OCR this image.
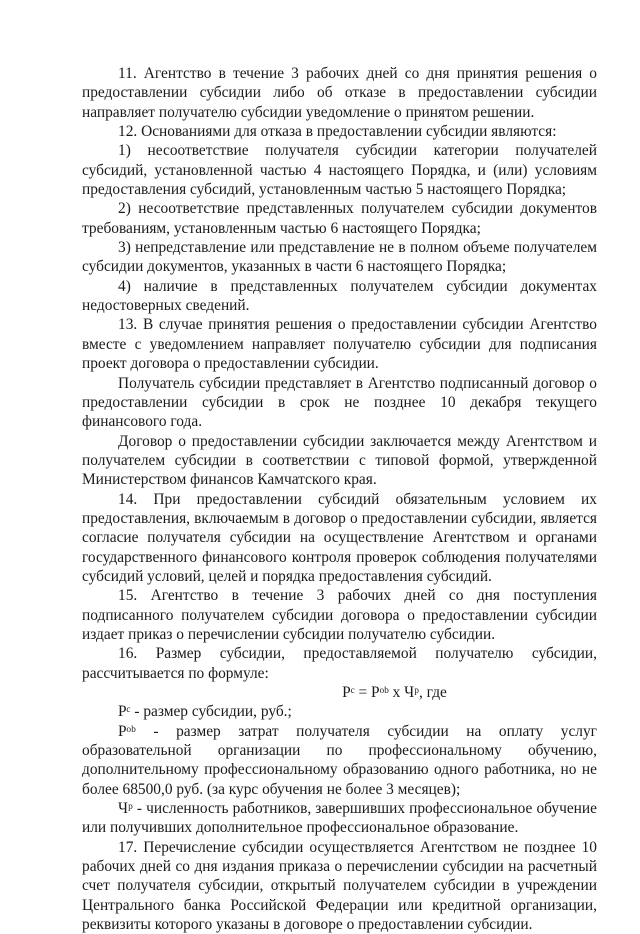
11. Агентство в течение 3 рабочих дней со дня принятия решения о предоставлении субсидии либо об отказе в предоставлении субсидии направляет получателю субсидии уведомление о принятом решении.

12. Основаниями для отказа в предоставлении субсидии являются:

1) несоответствие получателя субсидии категории получателей субсидий, установленной частью 4 настоящего Порядка, и (или) условиям предоставления субсидий, установленным частью 5 настоящего Порядка;

2) несоответствие представленных получателем субсидии документов требованиям, установленным частью 6 настоящего Порядка;

3) непредставление или представление не в полном объеме получателем субсидии документов, указанных в части 6 настоящего Порядка;

4) наличие в представленных получателем субсидии документах недостоверных сведений.

13. В случае принятия решения о предоставлении субсидии Агентство вместе с уведомлением направляет получателю субсидии для подписания проект договора о предоставлении субсидии.

Получатель субсидии представляет в Агентство подписанный договор о предоставлении субсидии в срок не позднее 10 декабря текущего финансового года.

Договор о предоставлении субсидии заключается между Агентством и получателем субсидии в соответствии с типовой формой, утвержденной Министерством финансов Камчатского края.

14. При предоставлении субсидий обязательным условием их предоставления, включаемым в договор о предоставлении субсидии, является согласие получателя субсидии на осуществление Агентством и органами государственного финансового контроля проверок соблюдения получателями субсидий условий, целей и порядка предоставления субсидий.

15. Агентство в течение 3 рабочих дней со дня поступления подписанного получателем субсидии договора о предоставлении субсидии издает приказ о перечислении субсидии получателю субсидии.

16. Размер субсидии, предоставляемой получателю субсидии, рассчитывается по формуле:

Рᶜ = Рᵒᵇ х Чᵖ, где

Рᶜ - размер субсидии, руб.;

Рᵒᵇ - размер затрат получателя субсидии на оплату услуг образовательной организации по профессиональному обучению, дополнительному профессиональному образованию одного работника, но не более 68500,0 руб. (за курс обучения не более 3 месяцев);

Чᵖ - численность работников, завершивших профессиональное обучение или получивших дополнительное профессиональное образование.

17. Перечисление субсидии осуществляется Агентством не позднее 10 рабочих дней со дня издания приказа о перечислении субсидии на расчетный счет получателя субсидии, открытый получателем субсидии в учреждении Центрального банка Российской Федерации или кредитной организации, реквизиты которого указаны в договоре о предоставлении субсидии.
